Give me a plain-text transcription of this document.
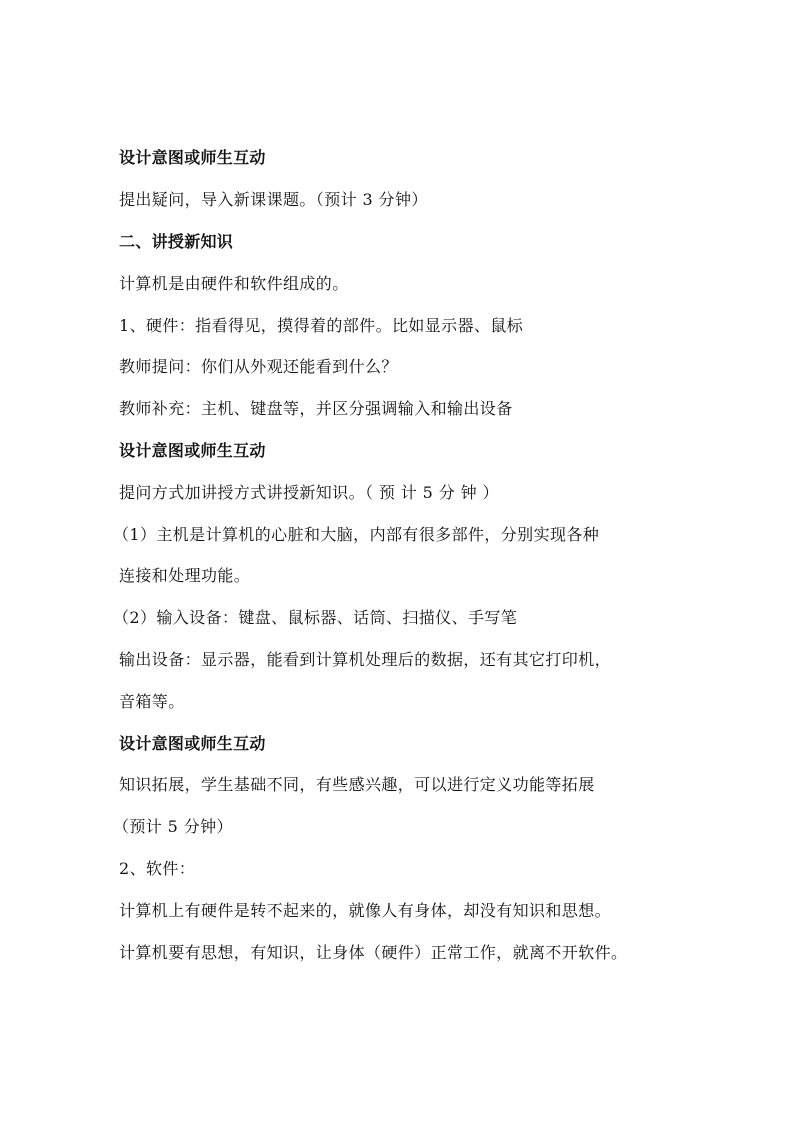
设计意图或师生互动
提出疑问，导入新课课题。（预计 3 分钟）
二、讲授新知识
计算机是由硬件和软件组成的。
1、硬件：指看得见，摸得着的部件。比如显示器、鼠标
教师提问：你们从外观还能看到什么？
教师补充：主机、键盘等，并区分强调输入和输出设备
设计意图或师生互动
提问方式加讲授方式讲授新知识。（ 预 计 5 分 钟 ）
（1）主机是计算机的心脏和大脑，内部有很多部件，分别实现各种
连接和处理功能。
（2）输入设备：键盘、鼠标器、话筒、扫描仪、手写笔
输出设备：显示器，能看到计算机处理后的数据，还有其它打印机，
音箱等。
设计意图或师生互动
知识拓展，学生基础不同，有些感兴趣，可以进行定义功能等拓展
（预计 5 分钟）
2、软件：
计算机上有硬件是转不起来的，就像人有身体，却没有知识和思想。
计算机要有思想，有知识，让身体（硬件）正常工作，就离不开软件。
